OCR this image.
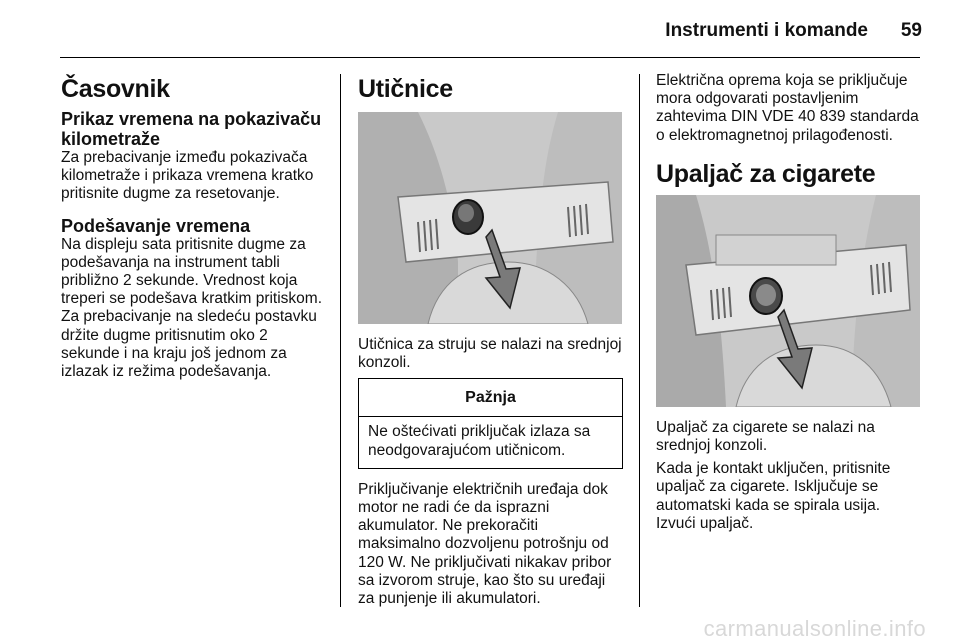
Instrumenti i komande	59
Časovnik
Prikaz vremena na pokazivaču kilometraže

Za prebacivanje između pokazivača kilometraže i prikaza vremena kratko pritisnite dugme za resetovanje.

Podešavanje vremena

Na displeju sata pritisnite dugme za podešavanja na instrument tabli približno 2 sekunde. Vrednost koja treperi se podešava kratkim pritiskom. Za prebacivanje na sledeću postavku držite dugme pritisnutim oko 2 sekunde i na kraju još jednom za izlazak iz režima podešavanja.

Utičnice

Utičnica za struju se nalazi na srednjoj konzoli.

Pažnja
Ne oštećivati priključak izlaza sa neodgovarajućom utičnicom.

Priključivanje električnih uređaja dok motor ne radi će da isprazni akumulator. Ne prekoračiti maksimalno dozvoljenu potrošnju od 120 W. Ne priključivati nikakav pribor sa izvorom struje, kao što su uređaji za punjenje ili akumulatori.

Električna oprema koja se priključuje mora odgovarati postavljenim zahtevima DIN VDE 40 839 standarda o elektromagnetnoj prilagođenosti.

Upaljač za cigarete

Upaljač za cigarete se nalazi na srednjoj konzoli.

Kada je kontakt uključen, pritisnite upaljač za cigarete. Isključuje se automatski kada se spirala usija. Izvući upaljač.

carmanualsonline.info
